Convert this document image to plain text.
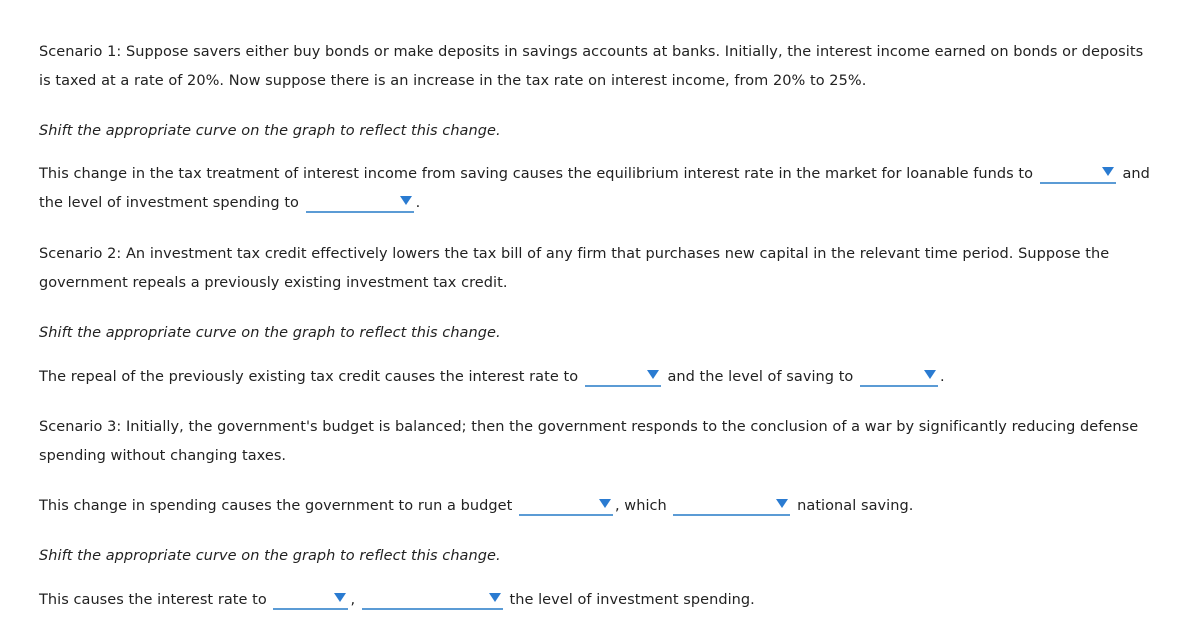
Scenario 1: Suppose savers either buy bonds or make deposits in savings accounts at banks. Initially, the interest income earned on bonds or deposits
is taxed at a rate of 20%. Now suppose there is an increase in the tax rate on interest income, from 20% to 25%.
Shift the appropriate curve on the graph to reflect this change.
This change in the tax treatment of interest income from saving causes the equilibrium interest rate in the market for loanable funds to	and
the level of investment spending to	.
Scenario 2: An investment tax credit effectively lowers the tax bill of any firm that purchases new capital in the relevant time period. Suppose the
government repeals a previously existing investment tax credit.
Shift the appropriate curve on the graph to reflect this change.
The repeal of the previously existing tax credit causes the interest rate to	and the level of saving to	.
Scenario 3: Initially, the government's budget is balanced; then the government responds to the conclusion of a war by significantly reducing defense
spending without changing taxes.
This change in spending causes the government to run a budget	, which	national saving.
Shift the appropriate curve on the graph to reflect this change.
This causes the interest rate to	,	the level of investment spending.
